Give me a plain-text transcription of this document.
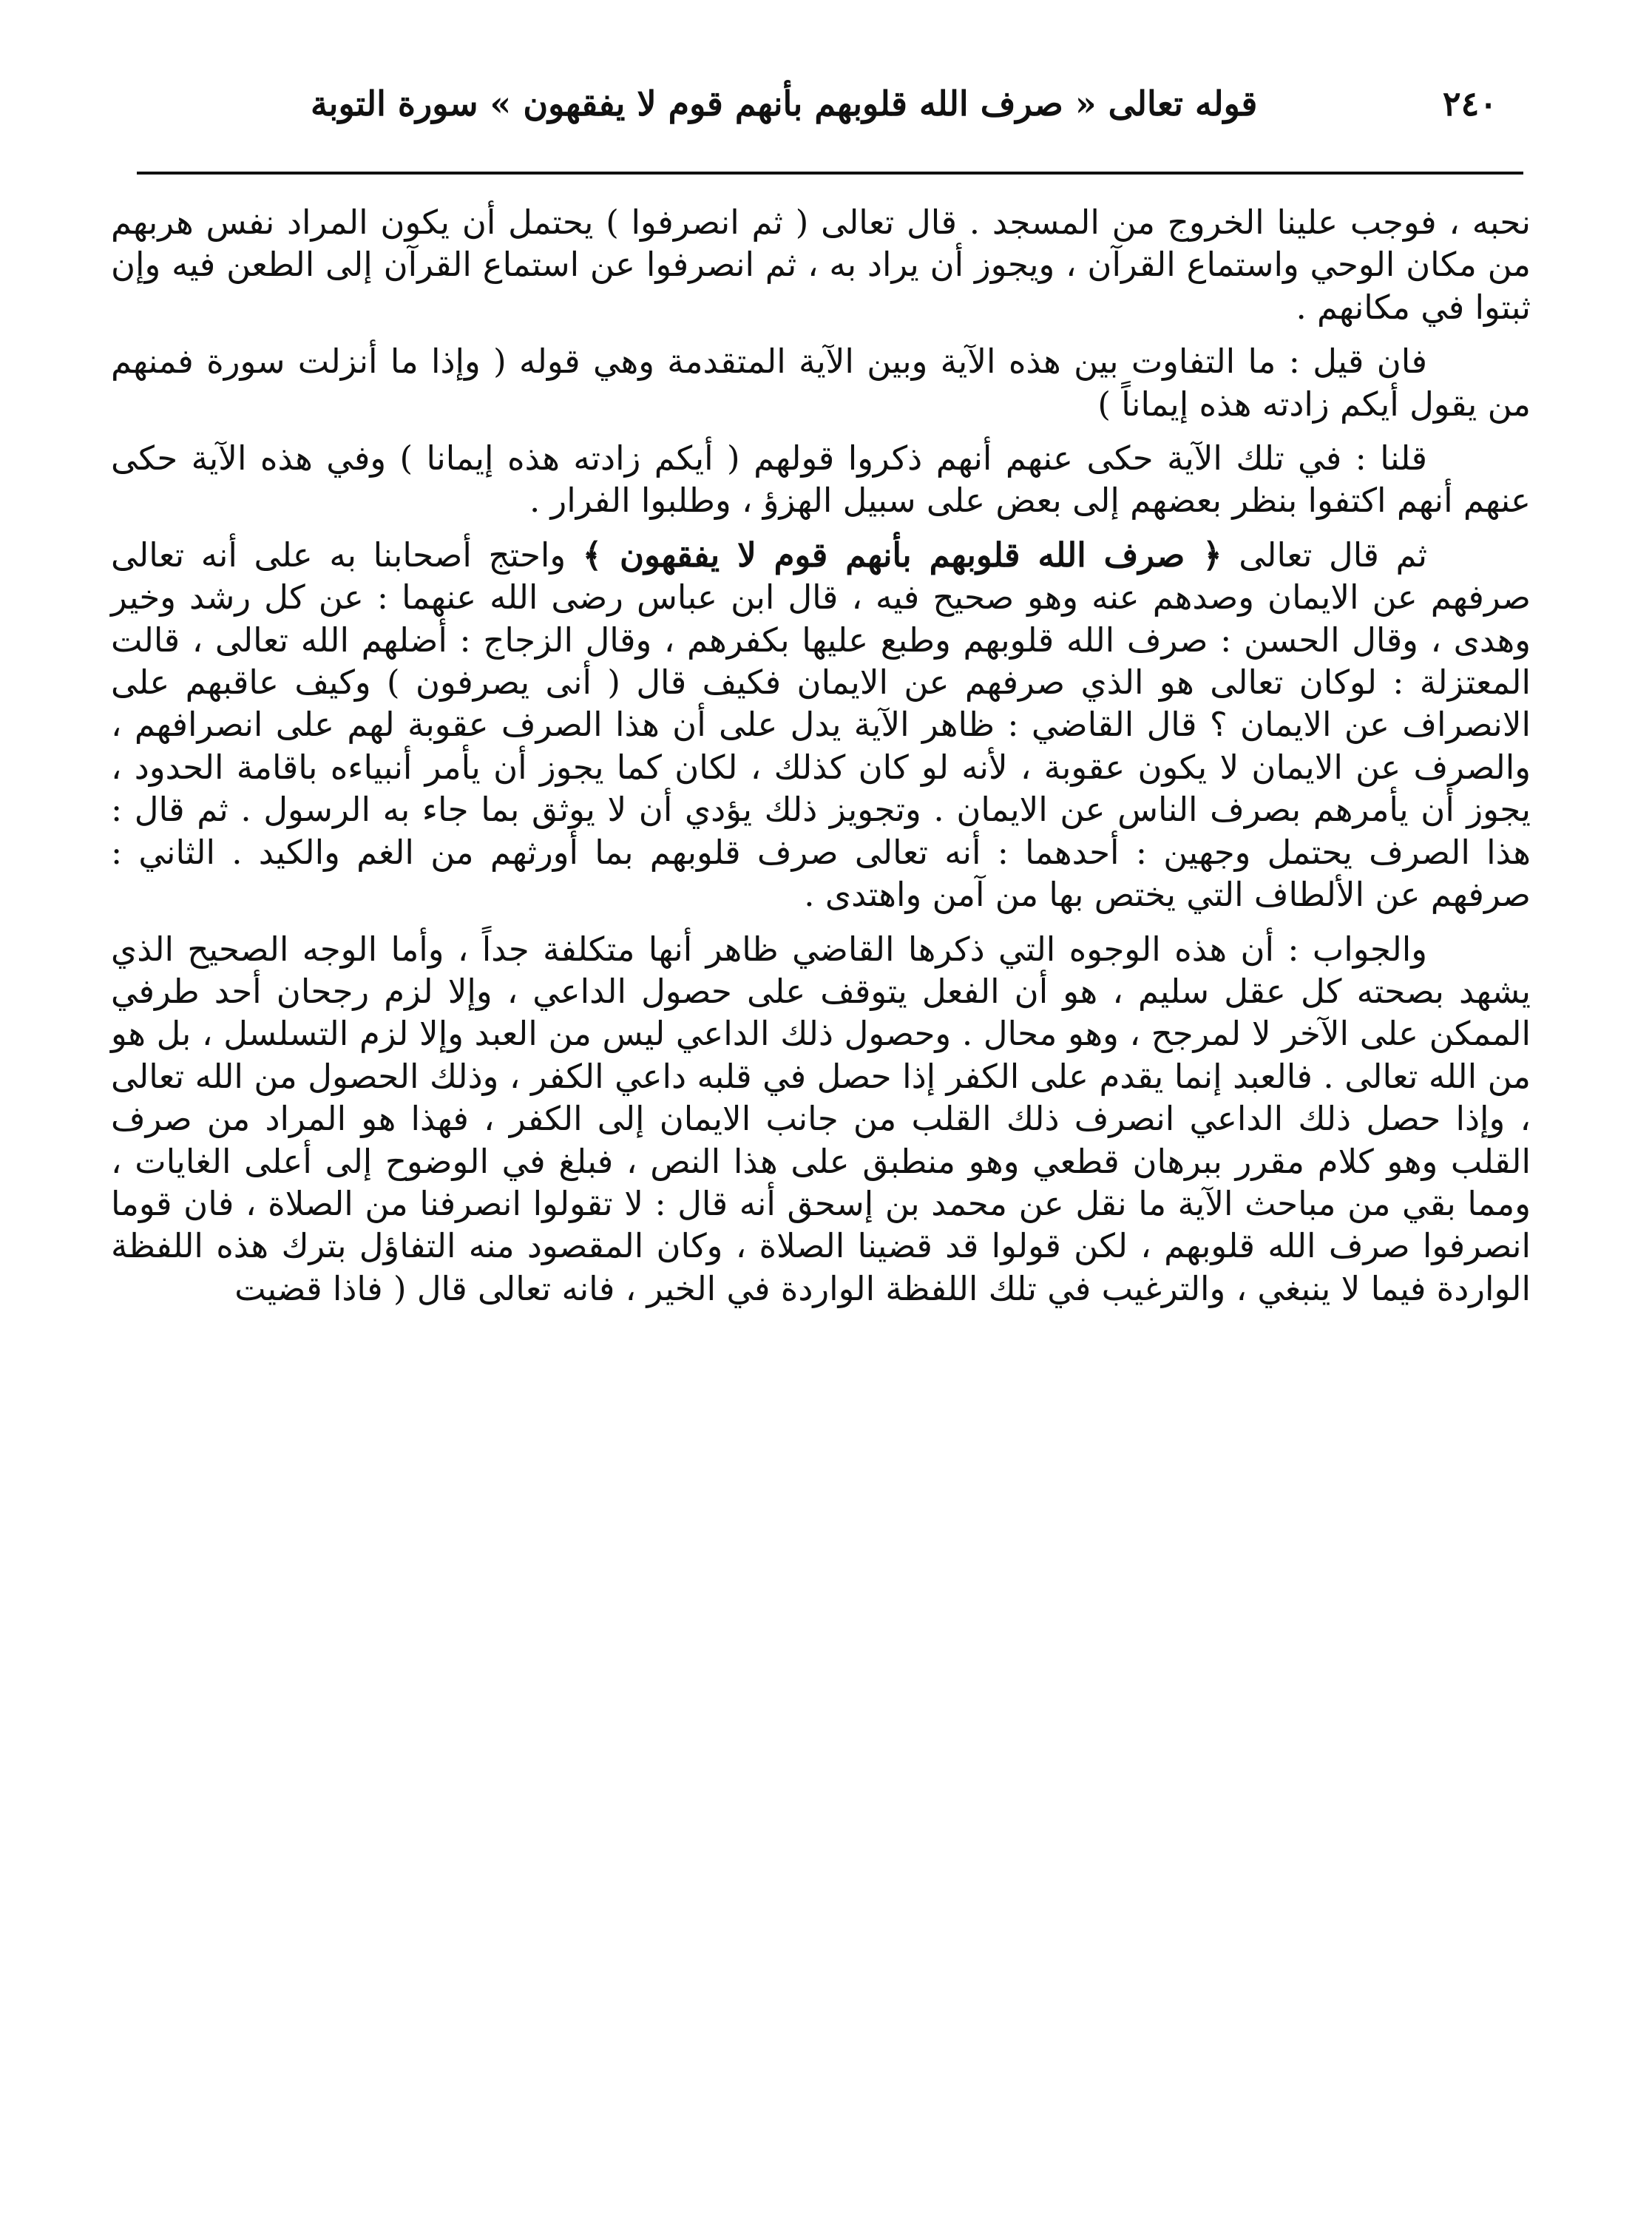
٢٤٠
قوله تعالى « صرف الله قلوبهم بأنهم قوم لا يفقهون » سورة التوبة

نحبه ، فوجب علينا الخروج من المسجد . قال تعالى ( ثم انصرفوا ) يحتمل أن يكون المراد نفس هربهم من مكان الوحي واستماع القرآن ، ويجوز أن يراد به ، ثم انصرفوا عن استماع القرآن إلى الطعن فيه وإن ثبتوا في مكانهم .

فان قيل : ما التفاوت بين هذه الآية وبين الآية المتقدمة وهي قوله ( وإذا ما أنزلت سورة فمنهم من يقول أيكم زادته هذه إيماناً )

قلنا : في تلك الآية حكى عنهم أنهم ذكروا قولهم ( أيكم زادته هذه إيمانا ) وفي هذه الآية حكى عنهم أنهم اكتفوا بنظر بعضهم إلى بعض على سبيل الهزؤ ، وطلبوا الفرار .

ثم قال تعالى ﴿ صرف الله قلوبهم بأنهم قوم لا يفقهون ﴾ واحتج أصحابنا به على أنه تعالى صرفهم عن الايمان وصدهم عنه وهو صحيح فيه ، قال ابن عباس رضى الله عنهما : عن كل رشد وخير وهدى ، وقال الحسن : صرف الله قلوبهم وطبع عليها بكفرهم ، وقال الزجاج : أضلهم الله تعالى ، قالت المعتزلة : لوكان تعالى هو الذي صرفهم عن الايمان فكيف قال ( أنى يصرفون ) وكيف عاقبهم على الانصراف عن الايمان ؟ قال القاضي : ظاهر الآية يدل على أن هذا الصرف عقوبة لهم على انصرافهم ، والصرف عن الايمان لا يكون عقوبة ، لأنه لو كان كذلك ، لكان كما يجوز أن يأمر أنبياءه باقامة الحدود ، يجوز أن يأمرهم بصرف الناس عن الايمان . وتجويز ذلك يؤدي أن لا يوثق بما جاء به الرسول . ثم قال : هذا الصرف يحتمل وجهين : أحدهما : أنه تعالى صرف قلوبهم بما أورثهم من الغم والكيد . الثاني : صرفهم عن الألطاف التي يختص بها من آمن واهتدى .

والجواب : أن هذه الوجوه التي ذكرها القاضي ظاهر أنها متكلفة جداً ، وأما الوجه الصحيح الذي يشهد بصحته كل عقل سليم ، هو أن الفعل يتوقف على حصول الداعي ، وإلا لزم رجحان أحد طرفي الممكن على الآخر لا لمرجح ، وهو محال . وحصول ذلك الداعي ليس من العبد وإلا لزم التسلسل ، بل هو من الله تعالى . فالعبد إنما يقدم على الكفر إذا حصل في قلبه داعي الكفر ، وذلك الحصول من الله تعالى ، وإذا حصل ذلك الداعي انصرف ذلك القلب من جانب الايمان إلى الكفر ، فهذا هو المراد من صرف القلب وهو كلام مقرر ببرهان قطعي وهو منطبق على هذا النص ، فبلغ في الوضوح إلى أعلى الغايات ، ومما بقي من مباحث الآية ما نقل عن محمد بن إسحق أنه قال : لا تقولوا انصرفنا من الصلاة ، فان قوما انصرفوا صرف الله قلوبهم ، لكن قولوا قد قضينا الصلاة ، وكان المقصود منه التفاؤل بترك هذه اللفظة الواردة فيما لا ينبغي ، والترغيب في تلك اللفظة الواردة في الخير ، فانه تعالى قال ( فاذا قضيت
